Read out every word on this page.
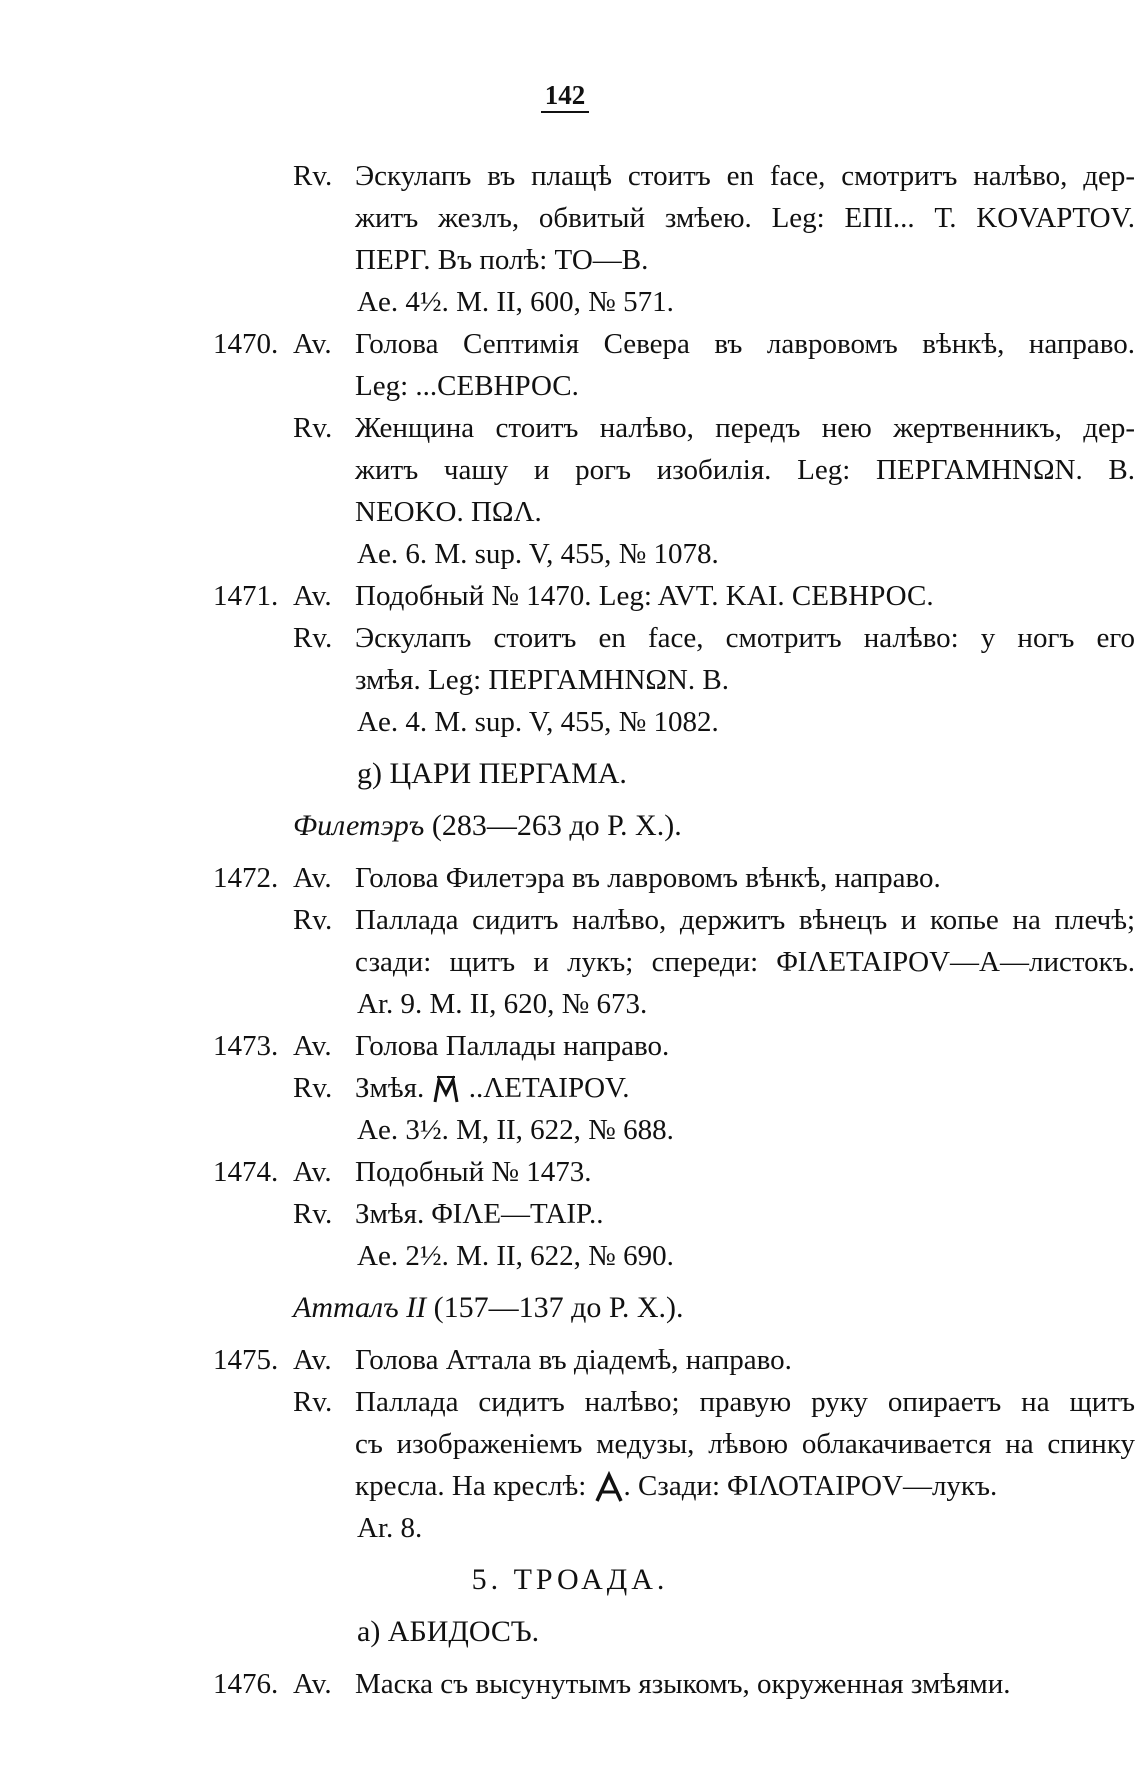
142
Rv. Эскулапъ въ плащѣ стоитъ en face, смотритъ налѣво, дер-
житъ жезлъ, обвитый змѣею. Leg: ЕПІ... Т. KOVAPTOV.
ПЕРГ. Въ полѣ: ТО—В.
Ae. 4½. М. II, 600, № 571.
1470. Av. Голова Септимія Севера въ лавровомъ вѣнкѣ, направо.
Leg: ...СЕВНРОС.
Rv. Женщина стоитъ налѣво, передъ нею жертвенникъ, дер-
житъ чашу и рогъ изобилія. Leg: ПЕРГАМНNΩN. В.
NEOKO. ПΩΛ.
Ae. 6. M. sup. V, 455, № 1078.
1471. Av. Подобный № 1470. Leg: AVT. KAI. СЕВНРОС.
Rv. Эскулапъ стоитъ en face, смотритъ налѣво: у ногъ его
змѣя. Leg: ПЕРГАМНNΩN. В.
Ae. 4. M. sup. V, 455, № 1082.
g) ЦАРИ ПЕРГАМА.
Филетэръ (283—263 до Р. Х.).
1472. Av. Голова Филетэра въ лавровомъ вѣнкѣ, направо.
Rv. Паллада сидитъ налѣво, держитъ вѣнецъ и копье на плечѣ;
сзади: щитъ и лукъ; спереди: ΦΙΛΕΤΑΙΡΟV—А—листокъ.
Ar. 9. M. II, 620, № 673.
1473. Av. Голова Паллады направо.
Rv. Змѣя. ..ΛΕΤΑΙΡΟV.
Ae. 3½. M, II, 622, № 688.
1474. Av. Подобный № 1473.
Rv. Змѣя. ΦΙΛΕ—ΤΑΙΡ..
Ae. 2½. M. II, 622, № 690.
Атталъ II (157—137 до Р. Х.).
1475. Av. Голова Аттала въ діадемѣ, направо.
Rv. Паллада сидитъ налѣво; правую руку опираетъ на щитъ
съ изображеніемъ медузы, лѣвою облакачивается на спинку
кресла. На креслѣ: . Сзади: ΦΙΛΟΤΑΙΡΟV—лукъ.
Ar. 8.
5. ТРОАДА.
a) АБИДОСЪ.
1476. Av. Маска съ высунутымъ языкомъ, окруженная змѣями.
